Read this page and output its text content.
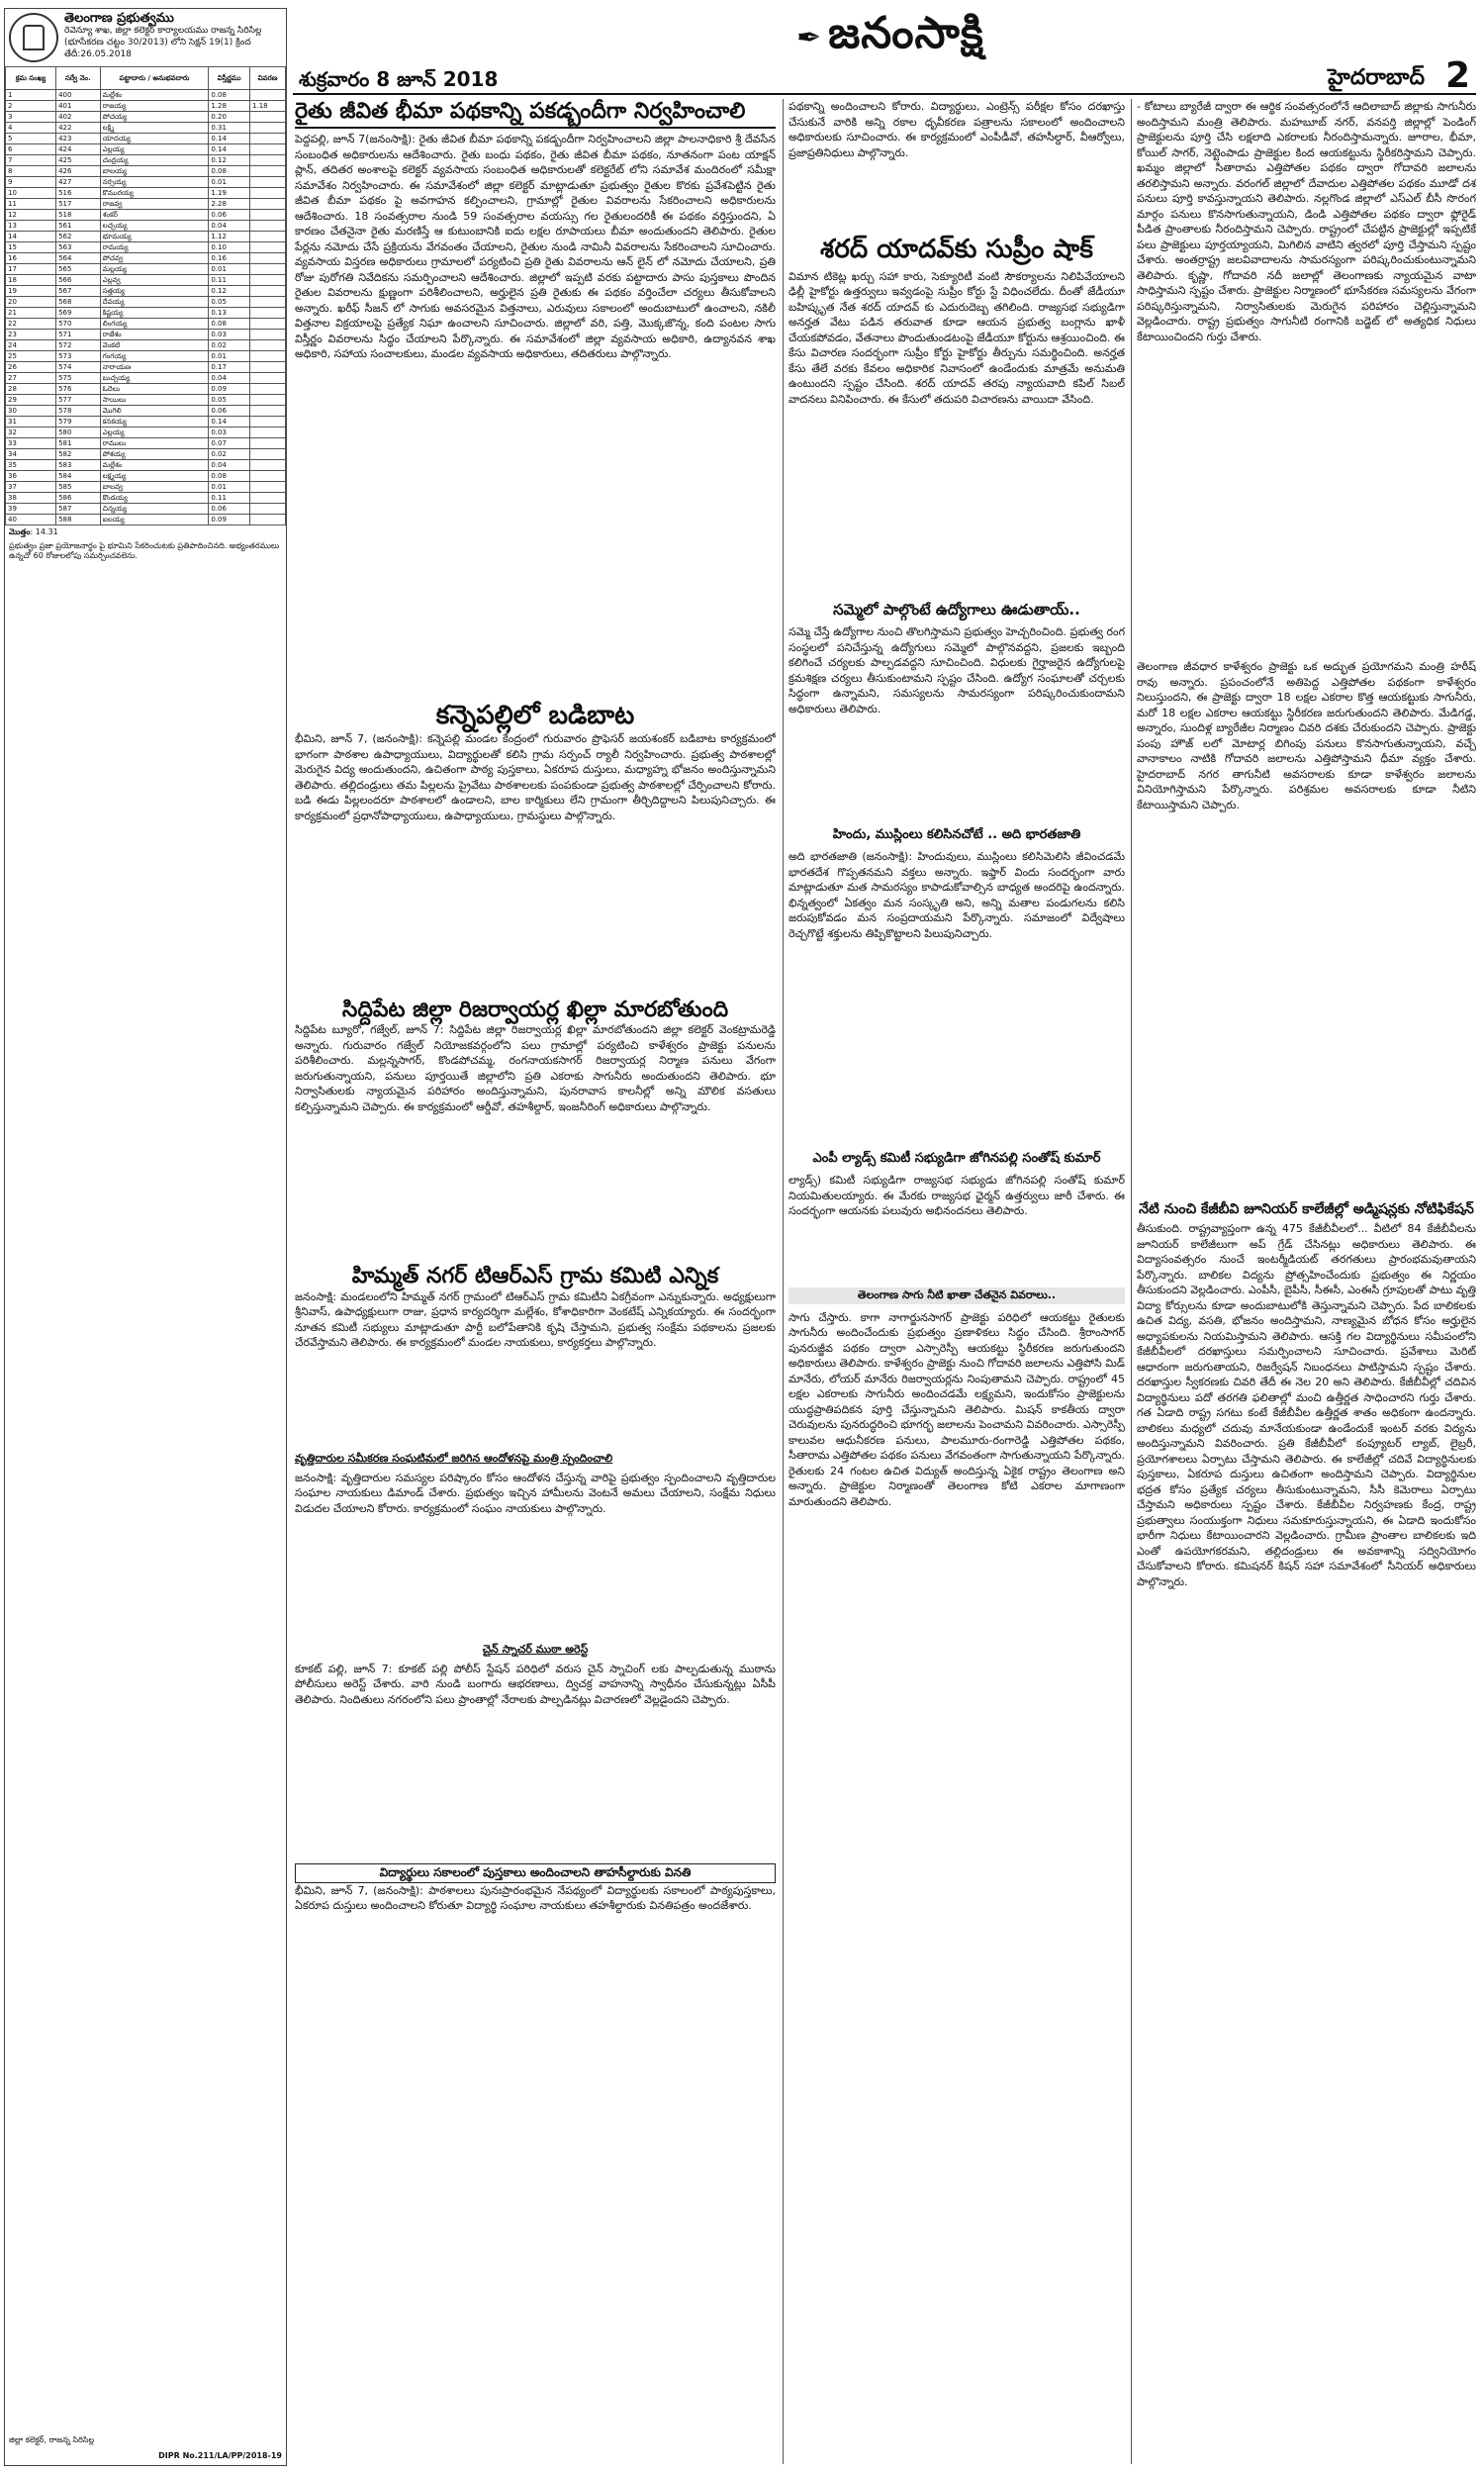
శుక్రవారం 8 జూన్ 2018
✒ జనంసాక్షి
హైదరాబాద్ 2
తెలంగాణ ప్రభుత్వము
రెవెన్యూ శాఖ, జిల్లా కలెక్టర్ కార్యాలయము రాజన్న సిరిసిల్ల
(భూసేకరణ చట్టం 30/2013) లోని సెక్షన్ 19(1) క్రింద
తేదీ:26.05.2018
క్రమ సంఖ్య	సర్వే నెం.	పట్టాదారు / అనుభవదారు	విస్తీర్ణము	వివరణ
1	400	మల్లేశం	0.08	
2	401	రాజయ్య	1.28	1.18
3	402	పోచయ్య	0.20	
4	422	లక్ష్మి	0.31	
5	423	యాదయ్య	0.14	
6	424	ఎల్లయ్య	0.14	
7	425	చంద్రయ్య	0.12	
8	426	బాలయ్య	0.08	
9	427	నర్సయ్య	0.01	
10	516	కొమురయ్య	1.19	
11	517	రాజవ్వ	2.28	
12	518	శంకర్	0.06	
13	561	లచ్చయ్య	0.04	
14	562	భూమయ్య	1.12	
15	563	రామయ్య	0.10	
16	564	పోచవ్వ	0.16	
17	565	మల్లయ్య	0.01	
18	566	ఎల్లవ్వ	0.11	
19	567	సత్తయ్య	0.12	
20	568	దేవయ్య	0.05	
21	569	కిష్టయ్య	0.13	
22	570	లింగయ్య	0.08	
23	571	రాజేశం	0.03	
24	572	వెంకటి	0.02	
25	573	గంగయ్య	0.01	
26	574	నారాయణ	0.17	
27	575	బుచ్చయ్య	0.04	
28	576	ఓదెలు	0.09	
29	577	సాయిలు	0.05	
30	578	మొగిలి	0.06	
31	579	కనకయ్య	0.14	
32	580	ఎల్లయ్య	0.03	
33	581	రాములు	0.07	
34	582	పోశయ్య	0.02	
35	583	మల్లేశం	0.04	
36	584	లక్ష్మయ్య	0.08	
37	585	బాలవ్వ	0.01	
38	586	కొండయ్య	0.11	
39	587	చిన్నయ్య	0.06	
40	588	ఐలయ్య	0.09	
మొత్తం: 14.31
ప్రభుత్వం ప్రజా ప్రయోజనార్థం పై భూమిని సేకరించుటకు ప్రతిపాదించినది. అభ్యంతరములు ఉన్నచో 60 రోజులలోపు సమర్పించవలెను.
జిల్లా కలెక్టర్, రాజన్న సిరిసిల్ల
DIPR No.211/LA/PP/2018-19
రైతు జీవిత భీమా పథకాన్ని పకడ్బందీగా నిర్వహించాలి
పెద్దపల్లి, జూన్ 7(జనంసాక్షి): రైతు జీవిత బీమా పథకాన్ని పకడ్బందీగా నిర్వహించాలని జిల్లా పాలనాధికారి శ్రీ దేవసేన సంబంధిత అధికారులను ఆదేశించారు. రైతు బంధు పథకం, రైతు జీవిత బీమా పథకం, నూతనంగా పంట యాక్షన్ ప్లాన్, తదితర అంశాలపై కలెక్టర్ వ్యవసాయ సంబంధిత అధికారులతో కలెక్టరేట్ లోని సమావేశ మందిరంలో సమీక్షా సమావేశం నిర్వహించారు. ఈ సమావేశంలో జిల్లా కలెక్టర్ మాట్లాడుతూ ప్రభుత్వం రైతుల కొరకు ప్రవేశపెట్టిన రైతు జీవిత బీమా పథకం పై అవగాహన కల్పించాలని, గ్రామాల్లో రైతుల వివరాలను సేకరించాలని అధికారులను ఆదేశించారు. 18 సంవత్సరాల నుండి 59 సంవత్సరాల వయస్సు గల రైతులందరికీ ఈ పథకం వర్తిస్తుందని, ఏ కారణం చేతనైనా రైతు మరణిస్తే ఆ కుటుంబానికి ఐదు లక్షల రూపాయలు బీమా అందుతుందని తెలిపారు. రైతుల పేర్లను నమోదు చేసే ప్రక్రియను వేగవంతం చేయాలని, రైతుల నుండి నామినీ వివరాలను సేకరించాలని సూచించారు. వ్యవసాయ విస్తరణ అధికారులు గ్రామాలలో పర్యటించి ప్రతి రైతు వివరాలను ఆన్ లైన్ లో నమోదు చేయాలని, ప్రతి రోజు పురోగతి నివేదికను సమర్పించాలని ఆదేశించారు. జిల్లాలో ఇప్పటి వరకు పట్టాదారు పాసు పుస్తకాలు పొందిన రైతుల వివరాలను క్షుణ్ణంగా పరిశీలించాలని, అర్హులైన ప్రతి రైతుకు ఈ పథకం వర్తించేలా చర్యలు తీసుకోవాలని అన్నారు. ఖరీఫ్ సీజన్ లో సాగుకు అవసరమైన విత్తనాలు, ఎరువులు సకాలంలో అందుబాటులో ఉంచాలని, నకిలీ విత్తనాల విక్రయాలపై ప్రత్యేక నిఘా ఉంచాలని సూచించారు. జిల్లాలో వరి, పత్తి, మొక్కజొన్న, కంది పంటల సాగు విస్తీర్ణం వివరాలను సిద్ధం చేయాలని పేర్కొన్నారు. ఈ సమావేశంలో జిల్లా వ్యవసాయ అధికారి, ఉద్యానవన శాఖ అధికారి, సహాయ సంచాలకులు, మండల వ్యవసాయ అధికారులు, తదితరులు పాల్గొన్నారు.
కన్నెపల్లిలో బడిబాట
భీమిని, జూన్ 7, (జనంసాక్షి): కన్నెపల్లి మండల కేంద్రంలో గురువారం ప్రొఫెసర్ జయశంకర్ బడిబాట కార్యక్రమంలో భాగంగా పాఠశాల ఉపాధ్యాయులు, విద్యార్థులతో కలిసి గ్రామ సర్పంచ్ ర్యాలీ నిర్వహించారు. ప్రభుత్వ పాఠశాలల్లో మెరుగైన విద్య అందుతుందని, ఉచితంగా పాఠ్య పుస్తకాలు, ఏకరూప దుస్తులు, మధ్యాహ్న భోజనం అందిస్తున్నామని తెలిపారు. తల్లిదండ్రులు తమ పిల్లలను ప్రైవేటు పాఠశాలలకు పంపకుండా ప్రభుత్వ పాఠశాలల్లో చేర్పించాలని కోరారు. బడి ఈడు పిల్లలందరూ పాఠశాలలో ఉండాలని, బాల కార్మికులు లేని గ్రామంగా తీర్చిదిద్దాలని పిలుపునిచ్చారు. ఈ కార్యక్రమంలో ప్రధానోపాధ్యాయులు, ఉపాధ్యాయులు, గ్రామస్థులు పాల్గొన్నారు.
సిద్దిపేట జిల్లా రిజర్వాయర్ల ఖిల్లా మారబోతుంది
సిద్దిపేట బ్యూరో, గజ్వేల్, జూన్ 7: సిద్దిపేట జిల్లా రిజర్వాయర్ల ఖిల్లా మారబోతుందని జిల్లా కలెక్టర్ వెంకట్రామరెడ్డి అన్నారు. గురువారం గజ్వేల్ నియోజకవర్గంలోని పలు గ్రామాల్లో పర్యటించి కాళేశ్వరం ప్రాజెక్టు పనులను పరిశీలించారు. మల్లన్నసాగర్, కొండపోచమ్మ, రంగనాయకసాగర్ రిజర్వాయర్ల నిర్మాణ పనులు వేగంగా జరుగుతున్నాయని, పనులు పూర్తయితే జిల్లాలోని ప్రతి ఎకరాకు సాగునీరు అందుతుందని తెలిపారు. భూ నిర్వాసితులకు న్యాయమైన పరిహారం అందిస్తున్నామని, పునరావాస కాలనీల్లో అన్ని మౌలిక వసతులు కల్పిస్తున్నామని చెప్పారు. ఈ కార్యక్రమంలో ఆర్డీవో, తహశీల్దార్, ఇంజనీరింగ్ అధికారులు పాల్గొన్నారు.
హిమ్మత్ నగర్ టిఆర్ఎస్ గ్రామ కమిటి ఎన్నిక
జనంసాక్షి: మండలంలోని హిమ్మత్ నగర్ గ్రామంలో టిఆర్ఎస్ గ్రామ కమిటీని ఏకగ్రీవంగా ఎన్నుకున్నారు. అధ్యక్షులుగా శ్రీనివాస్, ఉపాధ్యక్షులుగా రాజు, ప్రధాన కార్యదర్శిగా మల్లేశం, కోశాధికారిగా వెంకటేష్ ఎన్నికయ్యారు. ఈ సందర్భంగా నూతన కమిటీ సభ్యులు మాట్లాడుతూ పార్టీ బలోపేతానికి కృషి చేస్తామని, ప్రభుత్వ సంక్షేమ పథకాలను ప్రజలకు చేరవేస్తామని తెలిపారు. ఈ కార్యక్రమంలో మండల నాయకులు, కార్యకర్తలు పాల్గొన్నారు.
వృత్తిదారుల సమీకరణ సంఘటిమలో జరిగిన ఆందోళనపై మంత్రి స్పందించాలి
జనంసాక్షి: వృత్తిదారుల సమస్యల పరిష్కారం కోసం ఆందోళన చేస్తున్న వారిపై ప్రభుత్వం స్పందించాలని వృత్తిదారుల సంఘాల నాయకులు డిమాండ్ చేశారు. ప్రభుత్వం ఇచ్చిన హామీలను వెంటనే అమలు చేయాలని, సంక్షేమ నిధులు విడుదల చేయాలని కోరారు. కార్యక్రమంలో సంఘం నాయకులు పాల్గొన్నారు.
చైన్ స్నాచర్ ముఠా అరెస్ట్
కూకట్ పల్లి, జూన్ 7: కూకట్ పల్లి పోలీస్ స్టేషన్ పరిధిలో వరుస చైన్ స్నాచింగ్ లకు పాల్పడుతున్న ముఠాను పోలీసులు అరెస్ట్ చేశారు. వారి నుండి బంగారు ఆభరణాలు, ద్విచక్ర వాహనాన్ని స్వాధీనం చేసుకున్నట్లు ఏసీపీ తెలిపారు. నిందితులు నగరంలోని పలు ప్రాంతాల్లో నేరాలకు పాల్పడినట్లు విచారణలో వెల్లడైందని చెప్పారు.
విద్యార్థులు సకాలంలో పుస్తకాలు అందించాలని తాహసీల్దారుకు వినతి
భీమిని, జూన్ 7, (జనంసాక్షి): పాఠశాలలు పునఃప్రారంభమైన నేపథ్యంలో విద్యార్థులకు సకాలంలో పాఠ్యపుస్తకాలు, ఏకరూప దుస్తులు అందించాలని కోరుతూ విద్యార్థి సంఘాల నాయకులు తహశీల్దారుకు వినతిపత్రం అందజేశారు.
పథకాన్ని అందించాలని కోరారు. విద్యార్థులు, ఎంట్రెన్స్ పరీక్షల కోసం దరఖాస్తు చేసుకునే వారికి అన్ని రకాల ధృవీకరణ పత్రాలను సకాలంలో అందించాలని అధికారులకు సూచించారు. ఈ కార్యక్రమంలో ఎంపీడీవో, తహసీల్దార్, వీఆర్వోలు, ప్రజాప్రతినిధులు పాల్గొన్నారు.
శరద్ యాదవ్‌కు సుప్రీం షాక్
విమాన టికెట్ల ఖర్చు సహా కారు, సెక్యూరిటీ వంటి సౌకర్యాలను నిలిపివేయాలని ఢిల్లీ హైకోర్టు ఉత్తర్వులు ఇవ్వడంపై సుప్రీం కోర్టు స్టే విధించలేదు. దీంతో జేడీయూ బహిష్కృత నేత శరద్ యాదవ్ కు ఎదురుదెబ్బ తగిలింది. రాజ్యసభ సభ్యుడిగా అనర్హత వేటు పడిన తరువాత కూడా ఆయన ప్రభుత్వ బంగ్లాను ఖాళీ చేయకపోవడం, వేతనాలు పొందుతుండటంపై జేడీయూ కోర్టును ఆశ్రయించింది. ఈ కేసు విచారణ సందర్భంగా సుప్రీం కోర్టు హైకోర్టు తీర్పును సమర్థించింది. అనర్హత కేసు తేలే వరకు కేవలం అధికారిక నివాసంలో ఉండేందుకు మాత్రమే అనుమతి ఉంటుందని స్పష్టం చేసింది. శరద్ యాదవ్ తరపు న్యాయవాది కపిల్ సిబల్ వాదనలు వినిపించారు. ఈ కేసులో తదుపరి విచారణను వాయిదా వేసింది.
సమ్మెలో పాల్గొంటే ఉద్యోగాలు ఊడుతాయ్..
సమ్మె చేస్తే ఉద్యోగాల నుంచి తొలగిస్తామని ప్రభుత్వం హెచ్చరించింది. ప్రభుత్వ రంగ సంస్థలలో పనిచేస్తున్న ఉద్యోగులు సమ్మెలో పాల్గొనవద్దని, ప్రజలకు ఇబ్బంది కలిగించే చర్యలకు పాల్పడవద్దని సూచించింది. విధులకు గైర్హాజరైన ఉద్యోగులపై క్రమశిక్షణ చర్యలు తీసుకుంటామని స్పష్టం చేసింది. ఉద్యోగ సంఘాలతో చర్చలకు సిద్ధంగా ఉన్నామని, సమస్యలను సామరస్యంగా పరిష్కరించుకుందామని అధికారులు తెలిపారు.
హిందు, ముస్లింలు కలిసినచోటే .. అది భారతజాతి
అది భారతజాతి (జనంసాక్షి): హిందువులు, ముస్లింలు కలిసిమెలిసి జీవించడమే భారతదేశ గొప్పతనమని వక్తలు అన్నారు. ఇఫ్తార్ విందు సందర్భంగా వారు మాట్లాడుతూ మత సామరస్యం కాపాడుకోవాల్సిన బాధ్యత అందరిపై ఉందన్నారు. భిన్నత్వంలో ఏకత్వం మన సంస్కృతి అని, అన్ని మతాల పండుగలను కలిసి జరుపుకోవడం మన సంప్రదాయమని పేర్కొన్నారు. సమాజంలో విద్వేషాలు రెచ్చగొట్టే శక్తులను తిప్పికొట్టాలని పిలుపునిచ్చారు.
ఎంపీ ల్యాడ్స్ కమిటీ సభ్యుడిగా జోగినపల్లి సంతోష్ కుమార్
ల్యాడ్స్) కమిటీ సభ్యుడిగా రాజ్యసభ సభ్యుడు జోగినపల్లి సంతోష్ కుమార్ నియమితులయ్యారు. ఈ మేరకు రాజ్యసభ ఛైర్మన్ ఉత్తర్వులు జారీ చేశారు. ఈ సందర్భంగా ఆయనకు పలువురు అభినందనలు తెలిపారు.
తెలంగాణ సాగు నీటి ఖాతా చేతనైన వివరాలు..
సాగు చేస్తారు. కాగా నాగార్జునసాగర్ ప్రాజెక్టు పరిధిలో ఆయకట్టు రైతులకు సాగునీరు అందించేందుకు ప్రభుత్వం ప్రణాళికలు సిద్ధం చేసింది. శ్రీరాంసాగర్ పునరుజ్జీవ పథకం ద్వారా ఎస్సారెస్పీ ఆయకట్టు స్థిరీకరణ జరుగుతుందని అధికారులు తెలిపారు. కాళేశ్వరం ప్రాజెక్టు నుంచి గోదావరి జలాలను ఎత్తిపోసి మిడ్ మానేరు, లోయర్ మానేరు రిజర్వాయర్లను నింపుతామని చెప్పారు. రాష్ట్రంలో 45 లక్షల ఎకరాలకు సాగునీరు అందించడమే లక్ష్యమని, ఇందుకోసం ప్రాజెక్టులను యుద్ధప్రాతిపదికన పూర్తి చేస్తున్నామని తెలిపారు. మిషన్ కాకతీయ ద్వారా చెరువులను పునరుద్ధరించి భూగర్భ జలాలను పెంచామని వివరించారు. ఎస్సారెస్పీ కాలువల ఆధునీకరణ పనులు, పాలమూరు-రంగారెడ్డి ఎత్తిపోతల పథకం, సీతారామ ఎత్తిపోతల పథకం పనులు వేగవంతంగా సాగుతున్నాయని పేర్కొన్నారు. రైతులకు 24 గంటల ఉచిత విద్యుత్ అందిస్తున్న ఏకైక రాష్ట్రం తెలంగాణ అని అన్నారు. ప్రాజెక్టుల నిర్మాణంతో తెలంగాణ కోటి ఎకరాల మాగాణంగా మారుతుందని తెలిపారు.
- కోటాలు బ్యారేజీ ద్వారా ఈ ఆర్థిక సంవత్సరంలోనే ఆదిలాబాద్ జిల్లాకు సాగునీరు అందిస్తామని మంత్రి తెలిపారు. మహబూబ్ నగర్, వనపర్తి జిల్లాల్లో పెండింగ్ ప్రాజెక్టులను పూర్తి చేసి లక్షలాది ఎకరాలకు నీరందిస్తామన్నారు. జూరాల, భీమా, కోయిల్ సాగర్, నెట్టెంపాడు ప్రాజెక్టుల కింద ఆయకట్టును స్థిరీకరిస్తామని చెప్పారు. ఖమ్మం జిల్లాలో సీతారామ ఎత్తిపోతల పథకం ద్వారా గోదావరి జలాలను తరలిస్తామని అన్నారు. వరంగల్ జిల్లాలో దేవాదుల ఎత్తిపోతల పథకం మూడో దశ పనులు పూర్తి కావస్తున్నాయని తెలిపారు. నల్లగొండ జిల్లాలో ఎస్ఎల్ బీసీ సొరంగ మార్గం పనులు కొనసాగుతున్నాయని, డిండి ఎత్తిపోతల పథకం ద్వారా ఫ్లోరైడ్ పీడిత ప్రాంతాలకు నీరందిస్తామని చెప్పారు. రాష్ట్రంలో చేపట్టిన ప్రాజెక్టుల్లో ఇప్పటికే పలు ప్రాజెక్టులు పూర్తయ్యాయని, మిగిలిన వాటిని త్వరలో పూర్తి చేస్తామని స్పష్టం చేశారు. అంతర్రాష్ట్ర జలవివాదాలను సామరస్యంగా పరిష్కరించుకుంటున్నామని తెలిపారు. కృష్ణా, గోదావరి నదీ జలాల్లో తెలంగాణకు న్యాయమైన వాటా సాధిస్తామని స్పష్టం చేశారు. ప్రాజెక్టుల నిర్మాణంలో భూసేకరణ సమస్యలను వేగంగా పరిష్కరిస్తున్నామని, నిర్వాసితులకు మెరుగైన పరిహారం చెల్లిస్తున్నామని వెల్లడించారు. రాష్ట్ర ప్రభుత్వం సాగునీటి రంగానికి బడ్జెట్ లో అత్యధిక నిధులు కేటాయించిందని గుర్తు చేశారు.
తెలంగాణ జీవధార కాళేశ్వరం ప్రాజెక్టు ఒక అద్భుత ప్రయోగమని మంత్రి హరీష్ రావు అన్నారు. ప్రపంచంలోనే అతిపెద్ద ఎత్తిపోతల పథకంగా కాళేశ్వరం నిలుస్తుందని, ఈ ప్రాజెక్టు ద్వారా 18 లక్షల ఎకరాల కొత్త ఆయకట్టుకు సాగునీరు, మరో 18 లక్షల ఎకరాల ఆయకట్టు స్థిరీకరణ జరుగుతుందని తెలిపారు. మేడిగడ్డ, అన్నారం, సుందిళ్ల బ్యారేజీల నిర్మాణం చివరి దశకు చేరుకుందని చెప్పారు. ప్రాజెక్టు పంపు హౌజ్ లలో మోటార్ల బిగింపు పనులు కొనసాగుతున్నాయని, వచ్చే వానాకాలం నాటికి గోదావరి జలాలను ఎత్తిపోస్తామని ధీమా వ్యక్తం చేశారు. హైదరాబాద్ నగర తాగునీటి అవసరాలకు కూడా కాళేశ్వరం జలాలను వినియోగిస్తామని పేర్కొన్నారు. పరిశ్రమల అవసరాలకు కూడా నీటిని కేటాయిస్తామని చెప్పారు.
నేటి నుంచి కేజీబీవి జూనియర్ కాలేజీల్లో అడ్మిషన్లకు నోటిఫికేషన్
తీసుకుంది. రాష్ట్రవ్యాప్తంగా ఉన్న 475 కేజీబీవీలలో... వీటిలో 84 కేజీబీవీలను జూనియర్ కాలేజీలుగా అప్ గ్రేడ్ చేసినట్లు అధికారులు తెలిపారు. ఈ విద్యాసంవత్సరం నుంచే ఇంటర్మీడియట్ తరగతులు ప్రారంభమవుతాయని పేర్కొన్నారు. బాలికల విద్యను ప్రోత్సహించేందుకు ప్రభుత్వం ఈ నిర్ణయం తీసుకుందని వెల్లడించారు. ఎంపీసీ, బైపీసీ, సీఈసీ, ఎంఈసీ గ్రూపులతో పాటు వృత్తి విద్యా కోర్సులను కూడా అందుబాటులోకి తెస్తున్నామని చెప్పారు. పేద బాలికలకు ఉచిత విద్య, వసతి, భోజనం అందిస్తామని, నాణ్యమైన బోధన కోసం అర్హులైన అధ్యాపకులను నియమిస్తామని తెలిపారు. ఆసక్తి గల విద్యార్థినులు సమీపంలోని కేజీబీవీలలో దరఖాస్తులు సమర్పించాలని సూచించారు. ప్రవేశాలు మెరిట్ ఆధారంగా జరుగుతాయని, రిజర్వేషన్ నిబంధనలు పాటిస్తామని స్పష్టం చేశారు. దరఖాస్తుల స్వీకరణకు చివరి తేదీ ఈ నెల 20 అని తెలిపారు. కేజీబీవీల్లో చదివిన విద్యార్థినులు పదో తరగతి ఫలితాల్లో మంచి ఉత్తీర్ణత సాధించారని గుర్తు చేశారు. గత ఏడాది రాష్ట్ర సగటు కంటే కేజీబీవీల ఉత్తీర్ణత శాతం అధికంగా ఉందన్నారు. బాలికలు మధ్యలో చదువు మానేయకుండా ఉండేందుకే ఇంటర్ వరకు విద్యను అందిస్తున్నామని వివరించారు. ప్రతి కేజీబీవీలో కంప్యూటర్ ల్యాబ్, లైబ్రరీ, ప్రయోగశాలలు ఏర్పాటు చేస్తామని తెలిపారు. ఈ కాలేజీల్లో చదివే విద్యార్థినులకు పుస్తకాలు, ఏకరూప దుస్తులు ఉచితంగా అందిస్తామని చెప్పారు. విద్యార్థినుల భద్రత కోసం ప్రత్యేక చర్యలు తీసుకుంటున్నామని, సీసీ కెమెరాలు ఏర్పాటు చేస్తామని అధికారులు స్పష్టం చేశారు. కేజీబీవీల నిర్వహణకు కేంద్ర, రాష్ట్ర ప్రభుత్వాలు సంయుక్తంగా నిధులు సమకూరుస్తున్నాయని, ఈ ఏడాది ఇందుకోసం భారీగా నిధులు కేటాయించారని వెల్లడించారు. గ్రామీణ ప్రాంతాల బాలికలకు ఇది ఎంతో ఉపయోగకరమని, తల్లిదండ్రులు ఈ అవకాశాన్ని సద్వినియోగం చేసుకోవాలని కోరారు. కమిషనర్ కిషన్ సహా సమావేశంలో సీనియర్ అధికారులు పాల్గొన్నారు.
